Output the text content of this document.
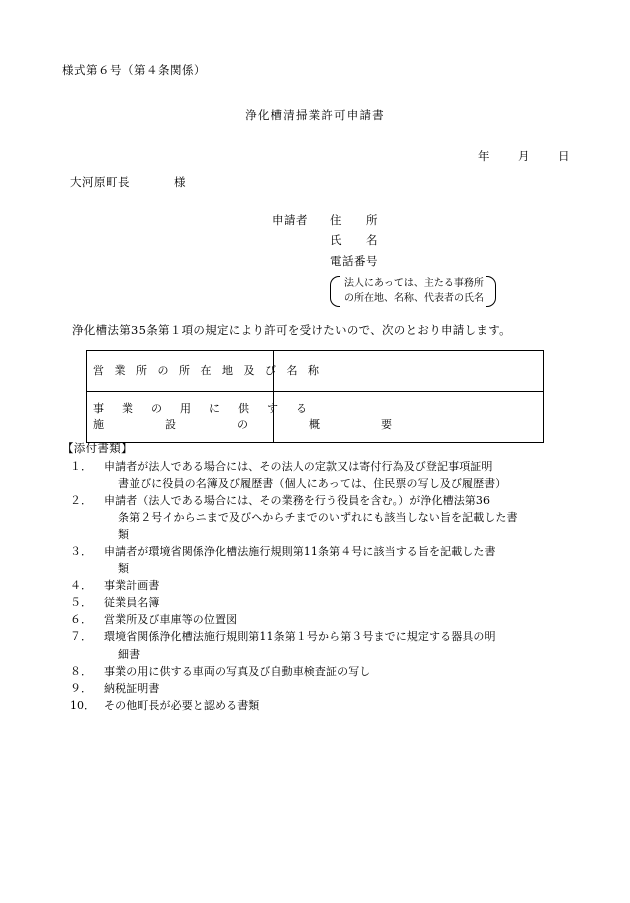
様式第６号（第４条関係）
浄化槽清掃業許可申請書
年 月 日
大河原町長	様
申請者 住　　所
氏　　名
電話番号
法人にあっては、主たる事務所
の所在地、名称、代表者の氏名
浄化槽法第35条第１項の規定により許可を受けたいので、次のとおり申請します。
営 業 所 の 所 在 地 及 び 名 称	

事　業　の　用　に　供　す　る
施　　　設　　　の　　　概　　　要	

【添付書類】
１．	申請者が法人である場合には、その法人の定款又は寄付行為及び登記事項証明
書並びに役員の名簿及び履歴書（個人にあっては、住民票の写し及び履歴書）
２．	申請者（法人である場合には、その業務を行う役員を含む。）が浄化槽法第36
条第２号イからニまで及びヘからチまでのいずれにも該当しない旨を記載した書
類
３．	申請者が環境省関係浄化槽法施行規則第11条第４号に該当する旨を記載した書
類
４．	事業計画書
５．	従業員名簿
６．	営業所及び車庫等の位置図
７．	環境省関係浄化槽法施行規則第11条第１号から第３号までに規定する器具の明
細書
８．	事業の用に供する車両の写真及び自動車検査証の写し
９．	納税証明書
10． その他町長が必要と認める書類
